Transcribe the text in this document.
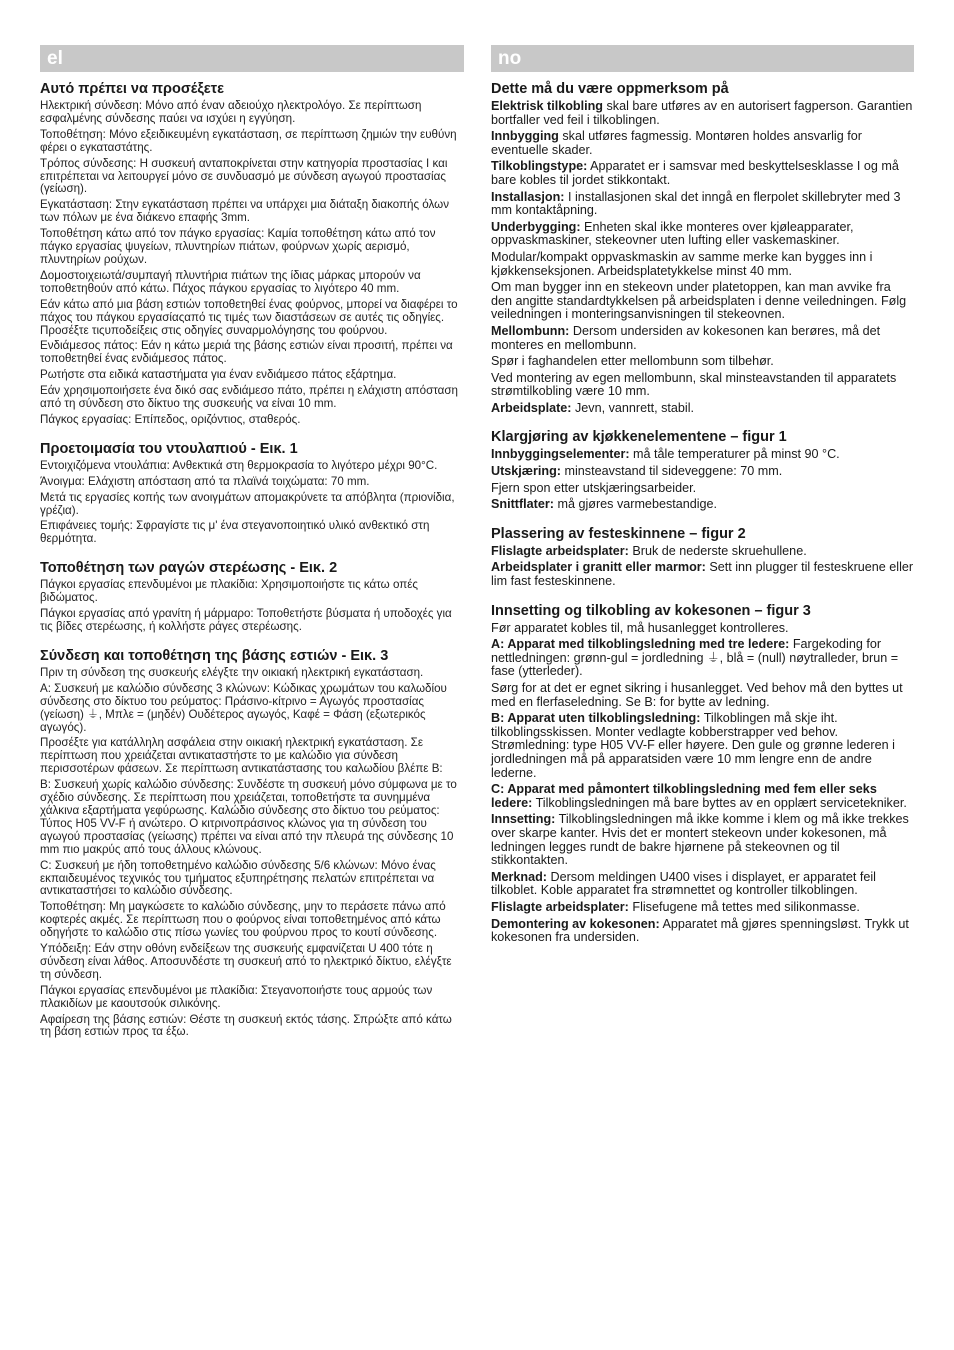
el
Αυτό πρέπει να προσέξετε

Ηλεκτρική σύνδεση: Μόνο από έναν αδειούχο ηλεκτρολόγο. Σε περίπτωση εσφαλμένης σύνδεσης παύει να ισχύει η εγγύηση.

Τοποθέτηση: Μόνο εξειδικευμένη εγκατάσταση, σε περίπτωση ζημιών την ευθύνη φέρει ο εγκαταστάτης.

Τρόπος σύνδεσης: Η συσκευή ανταποκρίνεται στην κατηγορία προστασίας I και επιτρέπεται να λειτουργεί μόνο σε συνδυασμό με σύνδεση αγωγού προστασίας (γείωση).

Εγκατάσταση: Στην εγκατάσταση πρέπει να υπάρχει μια διάταξη διακοπής όλων των πόλων με ένα διάκενο επαφής 3mm.

Τοποθέτηση κάτω από τον πάγκο εργασίας: Καμία τοποθέτηση κάτω από τον πάγκο εργασίας ψυγείων, πλυντηρίων πιάτων, φούρνων χωρίς αερισμό, πλυντηρίων ρούχων.

Δομοστοιχειωτά/συμπαγή πλυντήρια πιάτων της ίδιας μάρκας μπορούν να τοποθετηθούν από κάτω. Πάχος πάγκου εργασίας το λιγότερο 40 mm.

Εάν κάτω από μια βάση εστιών τοποθετηθεί ένας φούρνος, μπορεί να διαφέρει το πάχος του πάγκου εργασίαςαπό τις τιμές των διαστάσεων σε αυτές τις οδηγίες. Προσέξτε τιςυποδείξεις στις οδηγίες συναρμολόγησης του φούρνου.

Ενδιάμεσος πάτος: Εάν η κάτω μεριά της βάσης εστιών είναι προσιτή, πρέπει να τοποθετηθεί ένας ενδιάμεσος πάτος.

Ρωτήστε στα ειδικά καταστήματα για έναν ενδιάμεσο πάτος εξάρτημα.

Εάν χρησιμοποιήσετε ένα δικό σας ενδιάμεσο πάτο, πρέπει η ελάχιστη απόσταση από τη σύνδεση στο δίκτυο της συσκευής να είναι 10 mm.

Πάγκος εργασίας: Επίπεδος, οριζόντιος, σταθερός.

Προετοιμασία του ντουλαπιού - Εικ. 1

Εντοιχιζόμενα ντουλάπια: Ανθεκτικά στη θερμοκρασία το λιγότερο μέχρι 90°C.

Άνοιγμα: Ελάχιστη απόσταση από τα πλαϊνά τοιχώματα: 70 mm.

Μετά τις εργασίες κοπής των ανοιγμάτων απομακρύνετε τα απόβλητα (πριονίδια, γρέζια).

Επιφάνειες τομής: Σφραγίστε τις μ' ένα στεγανοποιητικό υλικό ανθεκτικό στη θερμότητα.

Τοποθέτηση των ραγών στερέωσης - Εικ. 2

Πάγκοι εργασίας επενδυμένοι με πλακίδια: Χρησιμοποιήστε τις κάτω οπές βιδώματος.

Πάγκοι εργασίας από γρανίτη ή μάρμαρο: Τοποθετήστε βύσματα ή υποδοχές για τις βίδες στερέωσης, ή κολλήστε ράγες στερέωσης.

Σύνδεση και τοποθέτηση της βάσης εστιών - Εικ. 3

Πριν τη σύνδεση της συσκευής ελέγξτε την οικιακή ηλεκτρική εγκατάσταση.

A: Συσκευή με καλώδιο σύνδεσης 3 κλώνων: Κώδικας χρωμάτων του καλωδίου σύνδεσης στο δίκτυο του ρεύματος: Πράσινο-κίτρινο = Αγωγός προστασίας (γείωση) ⏚, Μπλε = (μηδέν) Ουδέτερος αγωγός, Καφέ = Φάση (εξωτερικός αγωγός).

Προσέξτε για κατάλληλη ασφάλεια στην οικιακή ηλεκτρική εγκατάσταση. Σε περίπτωση που χρειάζεται αντικαταστήστε το με καλώδιο για σύνδεση περισσοτέρων φάσεων. Σε περίπτωση αντικατάστασης του καλωδίου βλέπε B:

B: Συσκευή χωρίς καλώδιο σύνδεσης: Συνδέστε τη συσκευή μόνο σύμφωνα με το σχέδιο σύνδεσης. Σε περίπτωση που χρειάζεται, τοποθετήστε τα συνημμένα χάλκινα εξαρτήματα γεφύρωσης. Καλώδιο σύνδεσης στο δίκτυο του ρεύματος: Τύπος H05 VV-F ή ανώτερο. Ο κιτρινοπράσινος κλώνος για τη σύνδεση του αγωγού προστασίας (γείωσης) πρέπει να είναι από την πλευρά της σύνδεσης 10 mm πιο μακρύς από τους άλλους κλώνους.

C: Συσκευή με ήδη τοποθετημένο καλώδιο σύνδεσης 5/6 κλώνων: Μόνο ένας εκπαιδευμένος τεχνικός του τμήματος εξυπηρέτησης πελατών επιτρέπεται να αντικαταστήσει το καλώδιο σύνδεσης.

Τοποθέτηση: Μη μαγκώσετε το καλώδιο σύνδεσης, μην το περάσετε πάνω από κοφτερές ακμές. Σε περίπτωση που ο φούρνος είναι τοποθετημένος από κάτω οδηγήστε το καλώδιο στις πίσω γωνίες του φούρνου προς το κουτί σύνδεσης.

Υπόδειξη: Εάν στην οθόνη ενδείξεων της συσκευής εμφανίζεται U 400 τότε η σύνδεση είναι λάθος. Αποσυνδέστε τη συσκευή από το ηλεκτρικό δίκτυο, ελέγξτε τη σύνδεση.

Πάγκοι εργασίας επενδυμένοι με πλακίδια: Στεγανοποιήστε τους αρμούς των πλακιδίων με καουτσούκ σιλικόνης.

Αφαίρεση της βάσης εστιών: Θέστε τη συσκευή εκτός τάσης. Σπρώξτε από κάτω τη βάση εστιών προς τα έξω.

no
Dette må du være oppmerksom på

Elektrisk tilkobling skal bare utføres av en autorisert fagperson. Garantien bortfaller ved feil i tilkoblingen.

Innbygging skal utføres fagmessig. Montøren holdes ansvarlig for eventuelle skader.

Tilkoblingstype: Apparatet er i samsvar med beskyttelsesklasse I og må bare kobles til jordet stikkontakt.

Installasjon: I installasjonen skal det inngå en flerpolet skillebryter med 3 mm kontaktåpning.

Underbygging: Enheten skal ikke monteres over kjøleapparater, oppvaskmaskiner, stekeovner uten lufting eller vaskemaskiner.

Modular/kompakt oppvaskmaskin av samme merke kan bygges inn i kjøkkenseksjonen. Arbeidsplatetykkelse minst 40 mm.

Om man bygger inn en stekeovn under platetoppen, kan man avvike fra den angitte standardtykkelsen på arbeidsplaten i denne veiledningen. Følg veiledningen i monteringsanvisningen til stekeovnen.

Mellombunn: Dersom undersiden av kokesonen kan berøres, må det monteres en mellombunn.

Spør i faghandelen etter mellombunn som tilbehør.

Ved montering av egen mellombunn, skal minsteavstanden til apparatets strømtilkobling være 10 mm.

Arbeidsplate: Jevn, vannrett, stabil.

Klargjøring av kjøkkenelementene – figur 1

Innbyggingselementer: må tåle temperaturer på minst 90 °C.

Utskjæring: minsteavstand til sideveggene: 70 mm.

Fjern spon etter utskjæringsarbeider.

Snittflater: må gjøres varmebestandige.

Plassering av festeskinnene – figur 2

Flislagte arbeidsplater: Bruk de nederste skruehullene.

Arbeidsplater i granitt eller marmor: Sett inn plugger til festeskruene eller lim fast festeskinnene.

Innsetting og tilkobling av kokesonen – figur 3

Før apparatet kobles til, må husanlegget kontrolleres.

A: Apparat med tilkoblingsledning med tre ledere: Fargekoding for nettledningen: grønn-gul = jordledning ⏚, blå = (null) nøytralleder, brun = fase (ytterleder).

Sørg for at det er egnet sikring i husanlegget. Ved behov må den byttes ut med en flerfaseledning. Se B: for bytte av ledning.

B: Apparat uten tilkoblingsledning: Tilkoblingen må skje iht. tilkoblingsskissen. Monter vedlagte kobberstrapper ved behov. Strømledning: type H05 VV-F eller høyere. Den gule og grønne lederen i jordledningen må på apparatsiden være 10 mm lengre enn de andre lederne.

C: Apparat med påmontert tilkoblingsledning med fem eller seks ledere: Tilkoblingsledningen må bare byttes av en opplært servicetekniker.

Innsetting: Tilkoblingsledningen må ikke komme i klem og må ikke trekkes over skarpe kanter. Hvis det er montert stekeovn under kokesonen, må ledningen legges rundt de bakre hjørnene på stekeovnen og til stikkontakten.

Merknad: Dersom meldingen U400 vises i displayet, er apparatet feil tilkoblet. Koble apparatet fra strømnettet og kontroller tilkoblingen.

Flislagte arbeidsplater: Flisefugene må tettes med silikonmasse.

Demontering av kokesonen: Apparatet må gjøres spenningsløst. Trykk ut kokesonen fra undersiden.
